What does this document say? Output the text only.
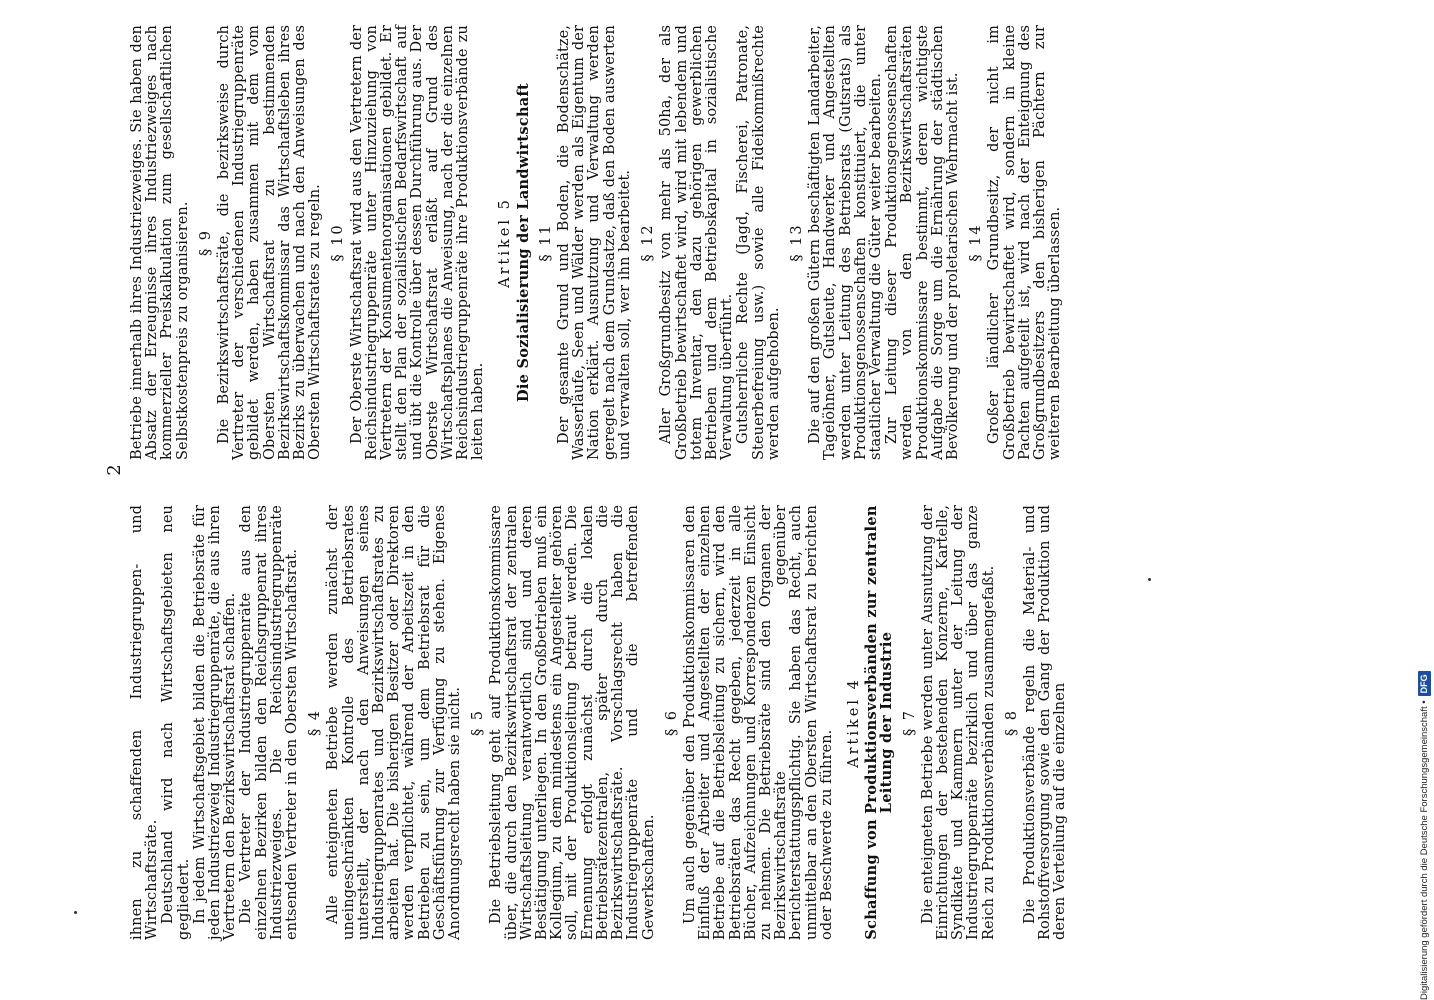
2

ihnen zu schaffenden Industriegruppen- und Wirtschaftsräte. Deutschland wird nach Wirtschaftsgebieten neu gegliedert. In jedem Wirtschaftsgebiet bilden die Betriebsräte für jeden Industriezweig Industriegruppenräte, die aus ihren Vertretern den Bezirkswirtschaftsrat schaffen. Die Vertreter der Industriegruppenräte aus den einzelnen Bezirken bilden den Reichsgruppenrat ihres Industriezweiges. Die Reichsindustriegruppenräte entsenden Vertreter in den Obersten Wirtschaftsrat. § 4 Alle enteigneten Betriebe werden zunächst der uneingeschränkten Kontrolle des Betriebsrates unterstellt, der nach den Anweisungen seines Industriegruppenrates und Bezirkswirtschaftsrates zu arbeiten hat. Die bisherigen Besitzer oder Direktoren werden verpflichtet, während der Arbeitszeit in den Betrieben zu sein, um dem Betriebsrat für die Geschäftsführung zur Verfügung zu stehen. Eigenes Anordnungsrecht haben sie nicht. § 5 Die Betriebsleitung geht auf Produktionskommissare über, die durch den Bezirkswirtschaftsrat der zentralen Wirtschaftsleitung verantwortlich sind und deren Bestätigung unterliegen. In den Großbetrieben muß ein Kollegium, zu dem mindestens ein Angestellter gehören soll, mit der Produktionsleitung betraut werden. Die Ernennung erfolgt zunächst durch die lokalen Betriebsrätezentralen, später durch die Bezirkswirtschaftsräte. Vorschlagsrecht haben die Industriegruppenräte und die betreffenden Gewerkschaften.

§ 6 Um auch gegenüber den Produktionskommissaren den Einfluß der Arbeiter und Angestellten der einzelnen Betriebe auf die Betriebsleitung zu sichern, wird den Betriebsräten das Recht gegeben, jederzeit in alle Bücher, Aufzeichnungen und Korrespondenzen Einsicht zu nehmen. Die Betriebsräte sind den Organen der Bezirkswirtschaftsräte gegenüber berichterstattungspflichtig. Sie haben das Recht, auch unmittelbar an den Obersten Wirtschaftsrat zu berichten oder Beschwerde zu führen.

Artikel 4 Schaffung von Produktionsverbänden zur zentralen Leitung der Industrie § 7 Die enteigneten Betriebe werden unter Ausnutzung der Einrichtungen der bestehenden Konzerne, Kartelle, Syndikate und Kammern unter der Leitung der Industriegruppenräte bezirklich und über das ganze Reich zu Produktionsverbänden zusammengefaßt. § 8 Die Produktionsverbände regeln die Material- und Rohstoffversorgung sowie den Gang der Produktion und deren Verteilung auf die einzelnen

Betriebe innerhalb ihres Industriezweiges. Sie haben den Absatz der Erzeugnisse ihres Industriezweiges nach kommerzieller Preiskalkulation zum gesellschaftlichen Selbstkostenpreis zu organisieren. § 9 Die Bezirkswirtschaftsräte, die bezirksweise durch Vertreter der verschiedenen Industriegruppenräte gebildet werden, haben zusammen mit dem vom Obersten Wirtschaftsrat zu bestimmenden Bezirkswirtschaftskommissar das Wirtschaftsleben ihres Bezirks zu überwachen und nach den Anweisungen des Obersten Wirtschaftsrates zu regeln. § 10 Der Oberste Wirtschaftsrat wird aus den Vertretern der Reichsindustriegruppenräte unter Hinzuziehung von Vertretern der Konsumentenorganisationen gebildet. Er stellt den Plan der sozialistischen Bedarfswirtschaft auf und übt die Kontrolle über dessen Durchführung aus. Der Oberste Wirtschaftsrat erläßt auf Grund des Wirtschaftsplanes die Anweisung, nach der die einzelnen Reichsindustriegruppenräte ihre Produktionsverbände zu leiten haben.

Artikel 5 Die Sozialisierung der Landwirtschaft § 11 Der gesamte Grund und Boden, die Bodenschätze, Wasserläufe, Seen und Wälder werden als Eigentum der Nation erklärt. Ausnutzung und Verwaltung werden geregelt nach dem Grundsatze, daß den Boden auswerten und verwalten soll, wer ihn bearbeitet. § 12 Aller Großgrundbesitz von mehr als 50ha, der als Großbetrieb bewirtschaftet wird, wird mit lebendem und totem Inventar, den dazu gehörigen gewerblichen Betrieben und dem Betriebskapital in sozialistische Verwaltung überführt. Gutsherrliche Rechte (Jagd, Fischerei, Patronate, Steuerbefreiung usw.) sowie alle Fideikommißrechte werden aufgehoben.

§ 13 Die auf den großen Gütern beschäftigten Landarbeiter, Tagelöhner, Gutsleute, Handwerker und Angestellten werden unter Leitung des Betriebsrats (Gutsrats) als Produktionsgenossenschaften konstituiert, die unter staatlicher Verwaltung die Güter weiter bearbeiten. Zur Leitung dieser Produktionsgenossenschaften werden von den Bezirkswirtschaftsräten Produktionskommissare bestimmt, deren wichtigste Aufgabe die Sorge um die Ernährung der städtischen Bevölkerung und der proletarischen Wehrmacht ist. § 14 Großer ländlicher Grundbesitz, der nicht im Großbetrieb bewirtschaftet wird, sondern in kleine Pachten aufgeteilt ist, wird nach der Enteignung des Großgrundbesitzers den bisherigen Pächtern zur weiteren Bearbeitung überlassen.

Digitalisierung gefördert durch die Deutsche Forschungsgemeinschaft •
DFG
